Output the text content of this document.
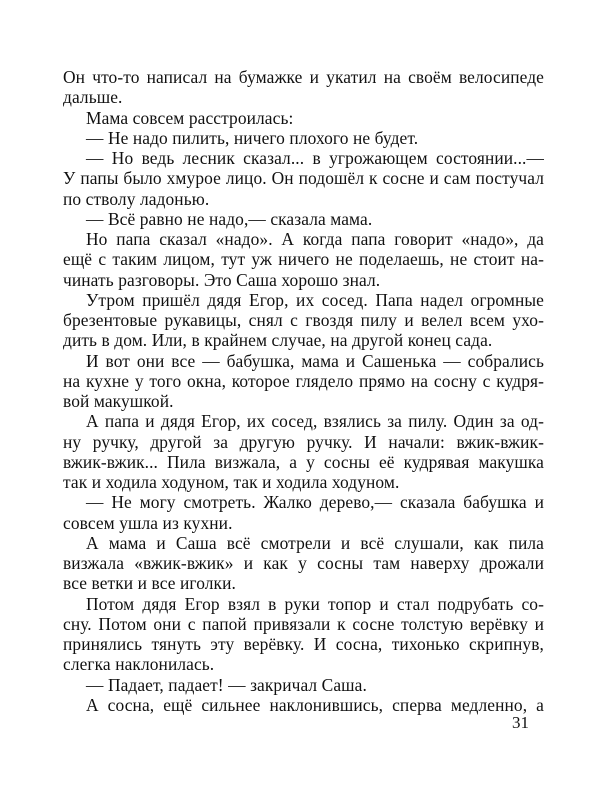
Он что-то написал на бумажке и укатил на своём велосипеде
дальше.
Мама совсем расстроилась:
— Не надо пилить, ничего плохого не будет.
— Но ведь лесник сказал... в угрожающем состоянии...—
У папы было хмурое лицо. Он подошёл к сосне и сам постучал
по стволу ладонью.
— Всё равно не надо,— сказала мама.
Но папа сказал «надо». А когда папа говорит «надо», да
ещё с таким лицом, тут уж ничего не поделаешь, не стоит на-
чинать разговоры. Это Саша хорошо знал.
Утром пришёл дядя Егор, их сосед. Папа надел огромные
брезентовые рукавицы, снял с гвоздя пилу и велел всем ухо-
дить в дом. Или, в крайнем случае, на другой конец сада.
И вот они все — бабушка, мама и Сашенька — собрались
на кухне у того окна, которое глядело прямо на сосну с кудря-
вой макушкой.
А папа и дядя Егор, их сосед, взялись за пилу. Один за од-
ну ручку, другой за другую ручку. И начали: вжик-вжик-
вжик-вжик... Пила визжала, а у сосны её кудрявая макушка
так и ходила ходуном, так и ходила ходуном.
— Не могу смотреть. Жалко дерево,— сказала бабушка и
совсем ушла из кухни.
А мама и Саша всё смотрели и всё слушали, как пила
визжала «вжик-вжик» и как у сосны там наверху дрожали
все ветки и все иголки.
Потом дядя Егор взял в руки топор и стал подрубать со-
сну. Потом они с папой привязали к сосне толстую верёвку и
принялись тянуть эту верёвку. И сосна, тихонько скрипнув,
слегка наклонилась.
— Падает, падает! — закричал Саша.
А сосна, ещё сильнее наклонившись, сперва медленно, а
31
